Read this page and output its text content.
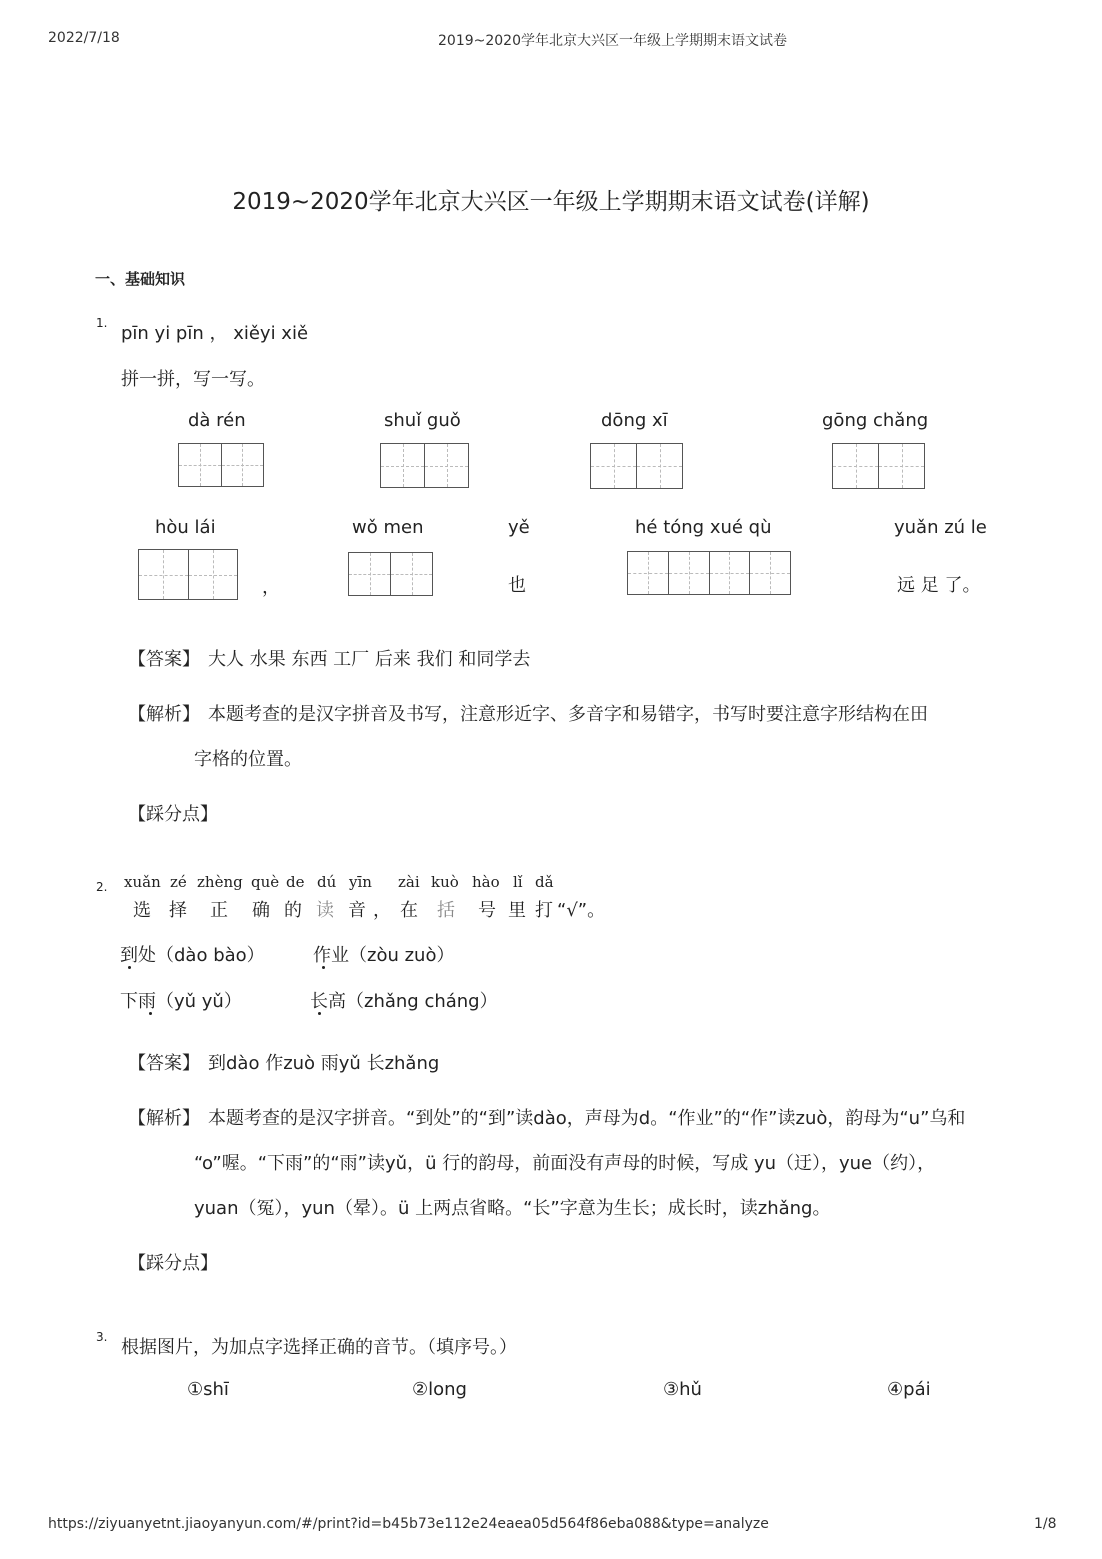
2022/7/18	2019~2020学年北京大兴区一年级上学期期末语文试卷
2019~2020学年北京大兴区一年级上学期期末语文试卷(详解)
一、基础知识
1. pīn yi pīn ， xiěyi xiě
拼一拼，写一写。
dà rén	shuǐ guǒ	dōng xī	gōng chǎng
hòu lái	wǒ men	yě	hé tóng xué qù	yuǎn zú le
，	也	远 足 了。
【答案】 大人 水果 东西 工厂 后来 我们 和同学去
【解析】 本题考查的是汉字拼音及书写，注意形近字、多音字和易错字，书写时要注意字形结构在田
字格的位置。
【踩分点】
2. xuǎn zé zhèng què de dú yīn zài kuò hào lǐ dǎ
选 择 正 确 的 读 音 ， 在 括 号 里 打 “√”。
到处（dào bào）	作业（zòu zuò）
下雨（yǔ yǔ）	长高（zhǎng cháng）
【答案】 到dào 作zuò 雨yǔ 长zhǎng
【解析】 本题考查的是汉字拼音。“到处”的“到”读dào，声母为d。“作业”的“作”读zuò，韵母为“u”乌和
“o”喔。“下雨”的“雨”读yǔ，ü 行的韵母，前面没有声母的时候，写成 yu（迂），yue（约），
yuan（冤），yun（晕）。ü 上两点省略。“长”字意为生长；成长时，读zhǎng。
【踩分点】
3. 根据图片，为加点字选择正确的音节。（填序号。）
①shī	②long	③hǔ	④pái
https://ziyuanyetnt.jiaoyanyun.com/#/print?id=b45b73e112e24eaea05d564f86eba088&type=analyze	1/8
